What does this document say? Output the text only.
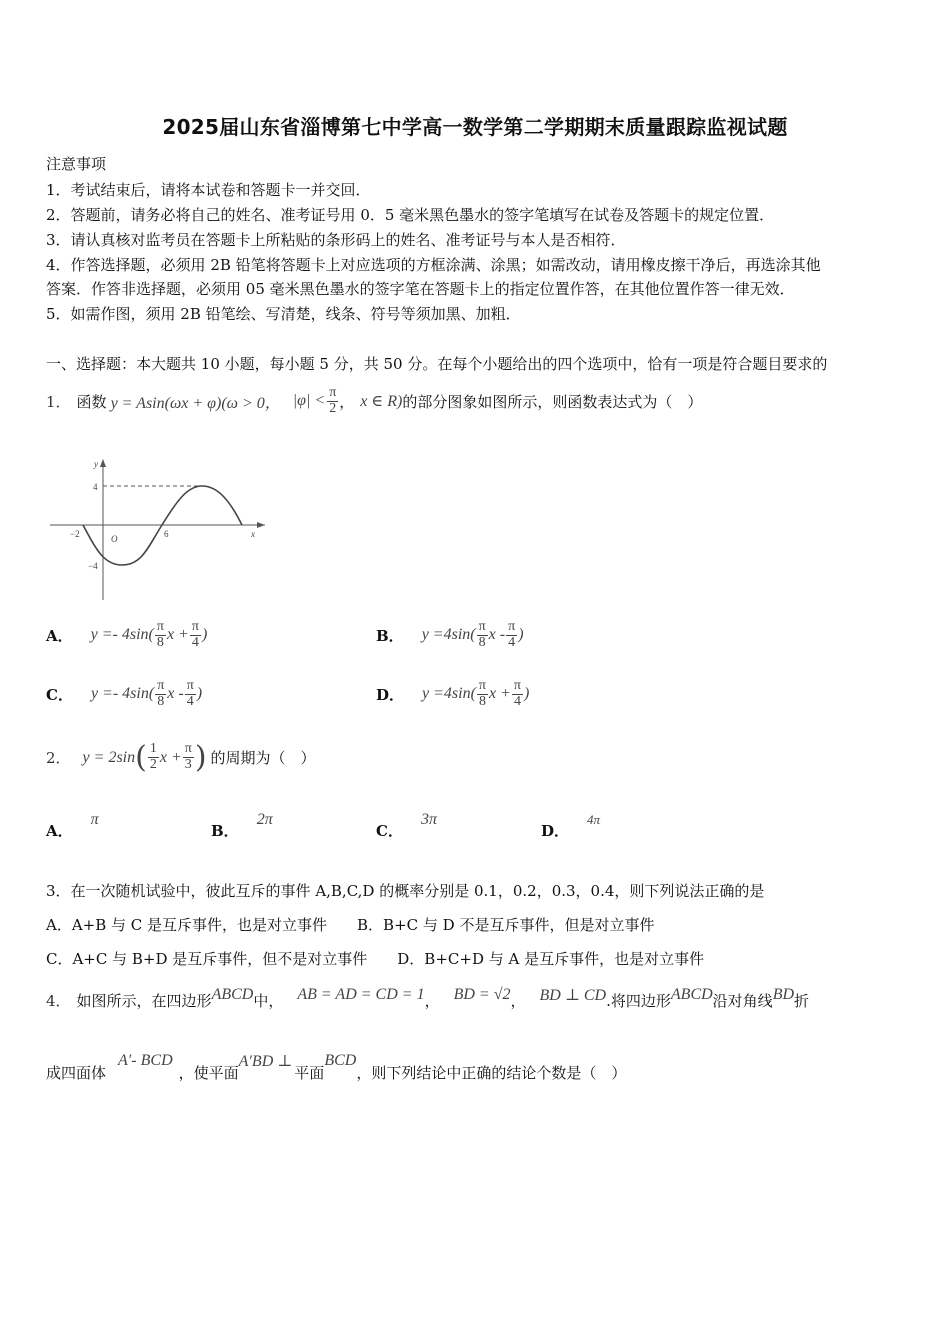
2025届山东省淄博第七中学高一数学第二学期期末质量跟踪监视试题
注意事项
1．考试结束后，请将本试卷和答题卡一并交回．
2．答题前，请务必将自己的姓名、准考证号用 0．5 毫米黑色墨水的签字笔填写在试卷及答题卡的规定位置．
3．请认真核对监考员在答题卡上所粘贴的条形码上的姓名、准考证号与本人是否相符．
4．作答选择题，必须用 2B 铅笔将答题卡上对应选项的方框涂满、涂黑；如需改动，请用橡皮擦干净后，再选涂其他
答案．作答非选择题，必须用 05 毫米黑色墨水的签字笔在答题卡上的指定位置作答，在其他位置作答一律无效．
5．如需作图，须用 2B 铅笔绘、写清楚，线条、符号等须加黑、加粗．
一、选择题：本大题共 10 小题，每小题 5 分，共 50 分。在每个小题给出的四个选项中，恰有一项是符合题目要求的
1． 函数 y = Asin(ωx + φ)(ω > 0， $|\varphi| < \frac{\pi}{2}$ ， x ∈ R) 的部分图象如图所示，则函数表达式为（　）
y
x
O
4
−4
−2	6
A． $y =- 4\sin( \frac{\pi}{8}$ $x + \frac{\pi}{4}$ )	B． $y =4\sin( \frac{\pi}{8}$ x - $\frac{\pi}{4}$ )
C． $y =- 4\sin( \frac{\pi}{8}$ x - $\frac{\pi}{4}$ )	D． $y =4\sin( \frac{\pi}{8}$ $x + \frac{\pi}{4}$ )
2． y = 2sin ( $\frac{1}{2}$ $x + \frac{\pi}{3}$ ) 的周期为（　）
A．π
B．2π
C．3π
D．4π
3．在一次随机试验中，彼此互斥的事件 A,B,C,D 的概率分别是 0.1，0.2，0.3，0.4，则下列说法正确的是
A．A+B 与 C 是互斥事件，也是对立事件　　B．B+C 与 D 不是互斥事件，但是对立事件
C．A+C 与 B+D 是互斥事件，但不是对立事件　　D．B+C+D 与 A 是互斥事件，也是对立事件
4． 如图所示，在四边形 ABCD 中， AB = AD = CD = 1 ， BD = √2 ， BD ⊥ CD .将四边形 ABCD 沿对角线 BD 折
成四面体
A′- BCD
，使平面
A′BD ⊥
平面
BCD
，则下列结论中正确的结论个数是（　）
